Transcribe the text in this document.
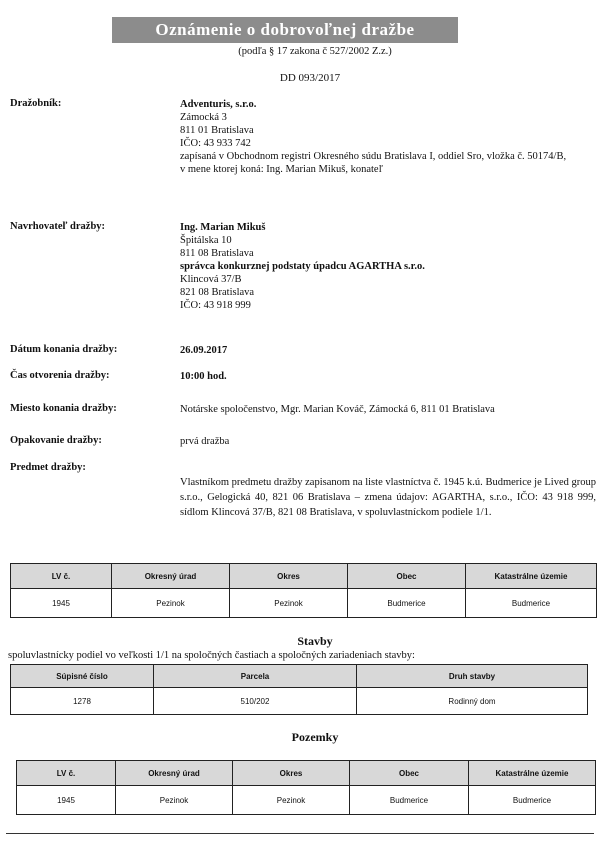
Oznámenie o dobrovoľnej dražbe
(podľa § 17 zakona č 527/2002 Z.z.)
DD 093/2017
Dražobník:	Adventuris, s.r.o.
Zámocká 3
811 01 Bratislava
IČO: 43 933 742
zapísaná v Obchodnom registri Okresného súdu Bratislava I, oddiel Sro, vložka č. 50174/B,
v mene ktorej koná: Ing. Marian Mikuš, konateľ
Navrhovateľ dražby:	Ing. Marian Mikuš
Špitálska 10
811 08 Bratislava
správca konkurznej podstaty úpadcu AGARTHA s.r.o.
Klincová 37/B
821 08 Bratislava
IČO: 43 918 999
Dátum konania dražby:	26.09.2017
Čas otvorenia dražby:	10:00 hod.
Miesto konania dražby:	Notárske spoločenstvo, Mgr. Marian Kováč, Zámocká 6, 811 01 Bratislava
Opakovanie dražby:	prvá dražba
Predmet dražby:
Vlastníkom predmetu dražby zapisanom na liste vlastníctva č. 1945 k.ú. Budmerice je Lived group s.r.o., Gelogická 40, 821 06 Bratislava – zmena údajov: AGARTHA, s.r.o., IČO: 43 918 999, sídlom Klincová 37/B, 821 08 Bratislava, v spoluvlastníckom podiele 1/1.
LV č.	Okresný úrad	Okres	Obec	Katastrálne územie
1945	Pezinok	Pezinok	Budmerice	Budmerice
Stavby
spoluvlastnícky podiel vo veľkosti 1/1 na spoločných častiach a spoločných zariadeniach stavby:
Súpisné číslo	Parcela	Druh stavby
1278	510/202	Rodinný dom
Pozemky
LV č.	Okresný úrad	Okres	Obec	Katastrálne územie
1945	Pezinok	Pezinok	Budmerice	Budmerice
